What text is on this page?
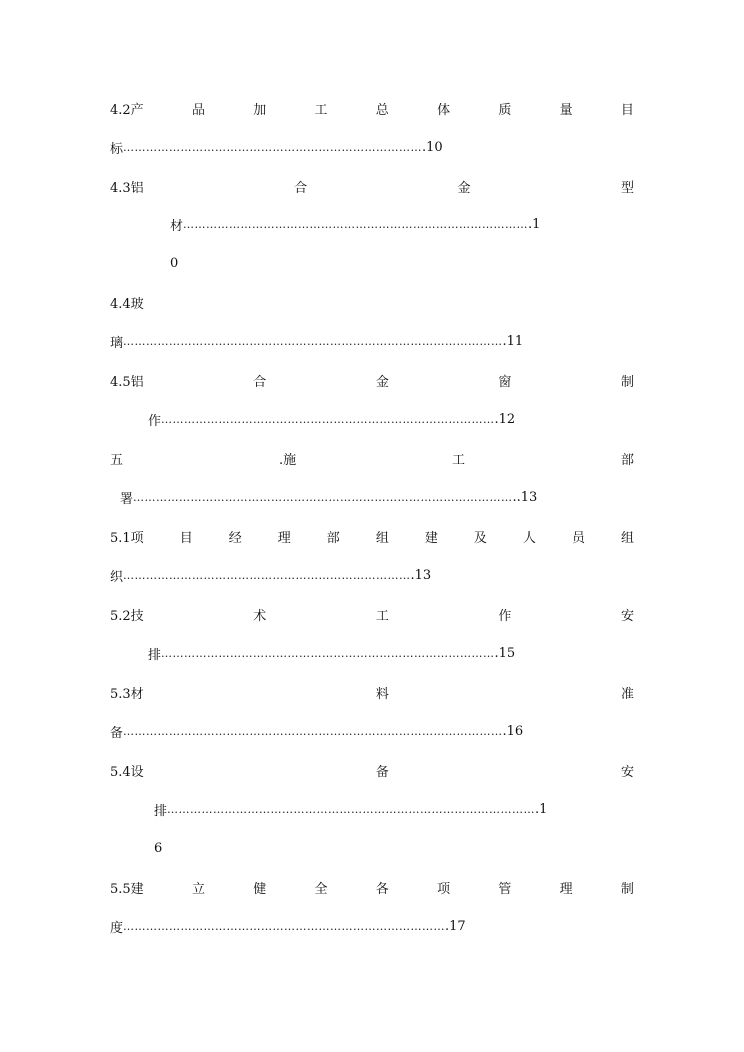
4.2产	品	加	工	总	体	质	量	目
标 …………………………………………………………………… .10
4.3铝	合	金	型
材 ……………………………………………………………………………… .1
0
4.4玻
璃 ……………………………………………………………………………………… .11
4.5铝	合	金	窗	制
作 …………………………………………………………………………… .12
五	.施	工	部
署 ……………………………………………………………………………………… ..13
5.1项	目	经	理	部	组	建	及	人	员	组
织 ………………………………………………………………… .13
5.2技	术	工	作	安
排 …………………………………………………………………………… .15
5.3材	料	准
备 ……………………………………………………………………………………… .16
5.4设	备	安
排 …………………………………………………………………………………… .1
6
5.5建	立	健	全	各	项	管	理	制
度 ………………………………………………………………………… .17
